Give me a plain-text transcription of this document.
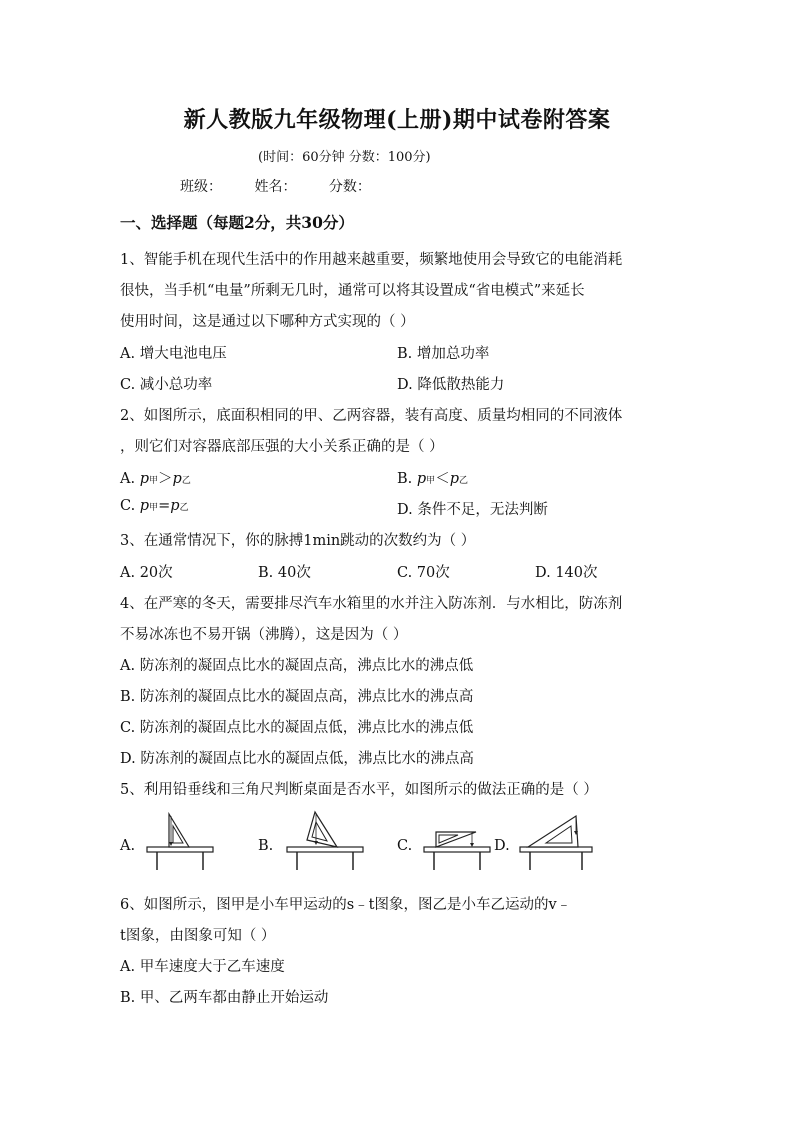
新人教版九年级物理(上册)期中试卷附答案
(时间：60分钟 分数：100分)
班级： 姓名： 分数：
一、选择题（每题2分，共30分）
1、智能手机在现代生活中的作用越来越重要，频繁地使用会导致它的电能消耗
很快，当手机“电量”所剩无几时，通常可以将其设置成“省电模式”来延长
使用时间，这是通过以下哪种方式实现的（ ）
A. 增大电池电压	B. 增加总功率
C. 减小总功率	D. 降低散热能力
2、如图所示，底面积相同的甲、乙两容器，装有高度、质量均相同的不同液体
，则它们对容器底部压强的大小关系正确的是（ ）
A. p甲＞p乙	B. p甲＜p乙
C. p甲=p乙	D. 条件不足，无法判断
3、在通常情况下，你的脉搏1min跳动的次数约为（ ）
A. 20次	B. 40次	C. 70次	D. 140次
4、在严寒的冬天，需要排尽汽车水箱里的水并注入防冻剂．与水相比，防冻剂
不易冰冻也不易开锅（沸腾），这是因为（ ）
A. 防冻剂的凝固点比水的凝固点高，沸点比水的沸点低
B. 防冻剂的凝固点比水的凝固点高，沸点比水的沸点高
C. 防冻剂的凝固点比水的凝固点低，沸点比水的沸点低
D. 防冻剂的凝固点比水的凝固点低，沸点比水的沸点高
5、利用铅垂线和三角尺判断桌面是否水平，如图所示的做法正确的是（ ）
A.	B.	C.	D.
6、如图所示，图甲是小车甲运动的s﹣t图象，图乙是小车乙运动的v﹣
t图象，由图象可知（ ）
A. 甲车速度大于乙车速度
B. 甲、乙两车都由静止开始运动
